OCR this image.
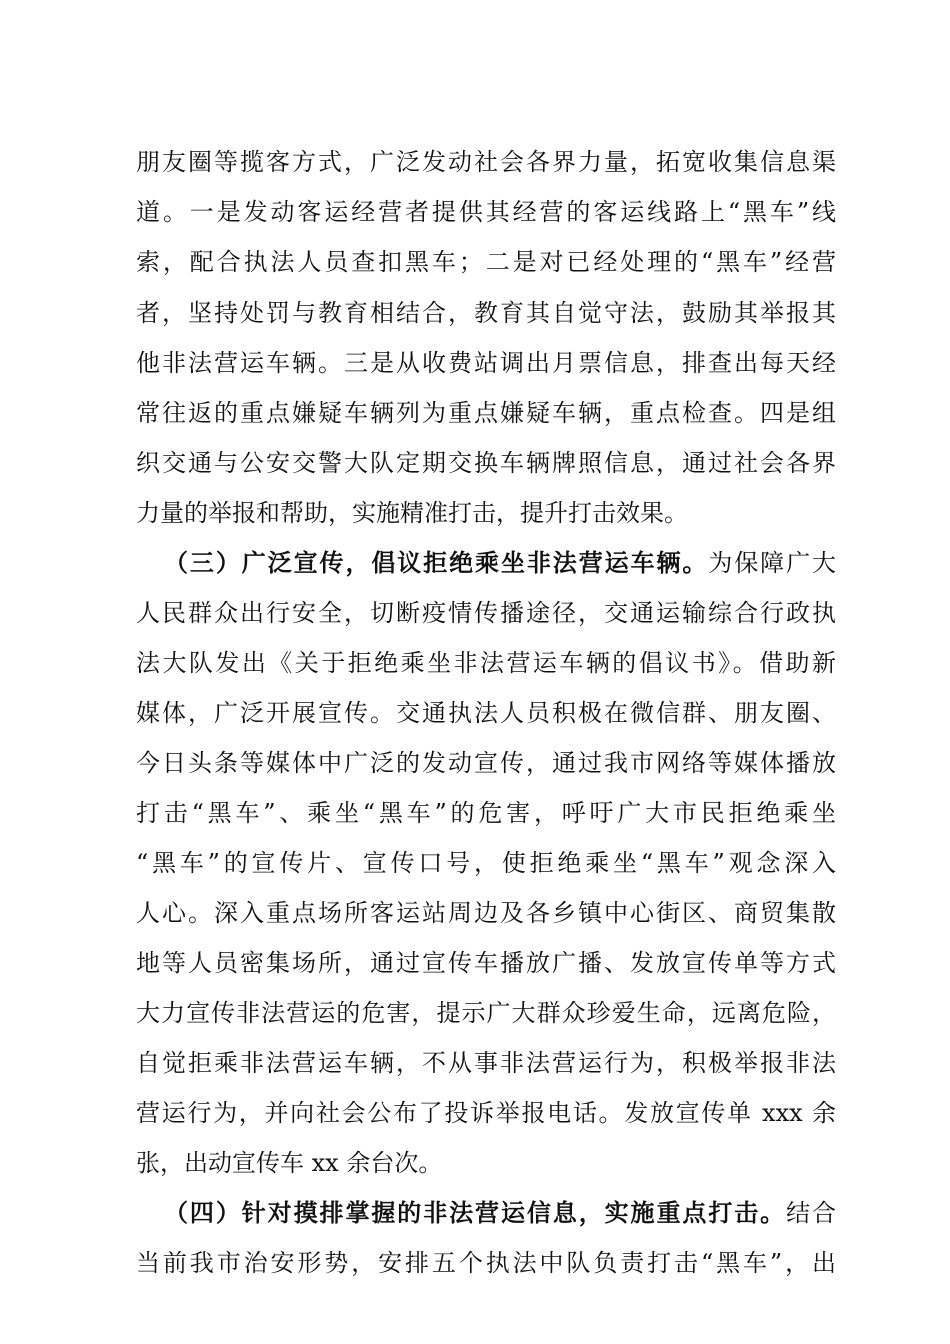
朋友圈等揽客方式，广泛发动社会各界力量，拓宽收集信息渠
道。一是发动客运经营者提供其经营的客运线路上“黑车”线
索，配合执法人员查扣黑车；二是对已经处理的“黑车”经营
者，坚持处罚与教育相结合，教育其自觉守法，鼓励其举报其
他非法营运车辆。三是从收费站调出月票信息，排查出每天经
常往返的重点嫌疑车辆列为重点嫌疑车辆，重点检查。四是组
织交通与公安交警大队定期交换车辆牌照信息，通过社会各界
力量的举报和帮助，实施精准打击，提升打击效果。
（三）广泛宣传，倡议拒绝乘坐非法营运车辆。为保障广大
人民群众出行安全，切断疫情传播途径，交通运输综合行政执
法大队发出《关于拒绝乘坐非法营运车辆的倡议书》。借助新
媒体，广泛开展宣传。交通执法人员积极在微信群、朋友圈、
今日头条等媒体中广泛的发动宣传，通过我市网络等媒体播放
打击“黑车”、乘坐“黑车”的危害，呼吁广大市民拒绝乘坐
“黑车”的宣传片、宣传口号，使拒绝乘坐“黑车”观念深入
人心。深入重点场所客运站周边及各乡镇中心街区、商贸集散
地等人员密集场所，通过宣传车播放广播、发放宣传单等方式
大力宣传非法营运的危害，提示广大群众珍爱生命，远离危险，
自觉拒乘非法营运车辆，不从事非法营运行为，积极举报非法
营运行为，并向社会公布了投诉举报电话。发放宣传单 xxx 余
张，出动宣传车 xx 余台次。
（四）针对摸排掌握的非法营运信息，实施重点打击。结合
当前我市治安形势，安排五个执法中队负责打击“黑车”，出
